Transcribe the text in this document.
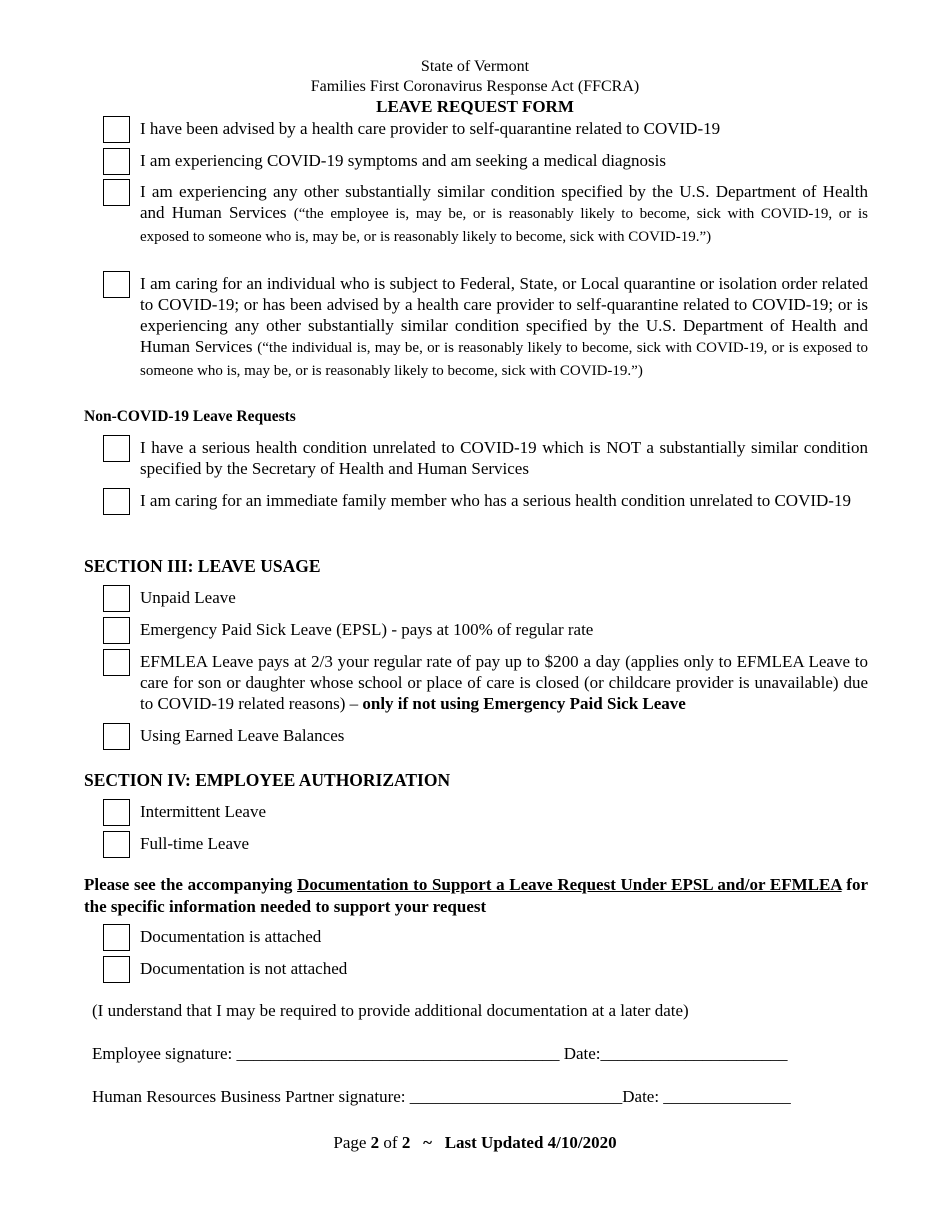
State of Vermont
Families First Coronavirus Response Act (FFCRA)
LEAVE REQUEST FORM
I have been advised by a health care provider to self-quarantine related to COVID-19
I am experiencing COVID-19 symptoms and am seeking a medical diagnosis
I am experiencing any other substantially similar condition specified by the U.S. Department of Health and Human Services (“the employee is, may be, or is reasonably likely to become, sick with COVID-19, or is exposed to someone who is, may be, or is reasonably likely to become, sick with COVID-19.”)
I am caring for an individual who is subject to Federal, State, or Local quarantine or isolation order related to COVID-19; or has been advised by a health care provider to self-quarantine related to COVID-19; or is experiencing any other substantially similar condition specified by the U.S. Department of Health and Human Services (“the individual is, may be, or is reasonably likely to become, sick with COVID-19, or is exposed to someone who is, may be, or is reasonably likely to become, sick with COVID-19.”)
Non-COVID-19 Leave Requests
I have a serious health condition unrelated to COVID-19 which is NOT a substantially similar condition specified by the Secretary of Health and Human Services
I am caring for an immediate family member who has a serious health condition unrelated to COVID-19
SECTION III: LEAVE USAGE
Unpaid Leave
Emergency Paid Sick Leave (EPSL) - pays at 100% of regular rate
EFMLEA Leave pays at 2/3 your regular rate of pay up to $200 a day (applies only to EFMLEA Leave to care for son or daughter whose school or place of care is closed (or childcare provider is unavailable) due to COVID-19 related reasons) – only if not using Emergency Paid Sick Leave
Using Earned Leave Balances
SECTION IV: EMPLOYEE AUTHORIZATION
Intermittent Leave
Full-time Leave
Please see the accompanying Documentation to Support a Leave Request Under EPSL and/or EFMLEA for the specific information needed to support your request
Documentation is attached
Documentation is not attached
(I understand that I may be required to provide additional documentation at a later date)
Employee signature: ______________________________________ Date:______________________
Human Resources Business Partner signature: _________________________Date: _______________
Page 2 of 2 ~ Last Updated 4/10/2020
